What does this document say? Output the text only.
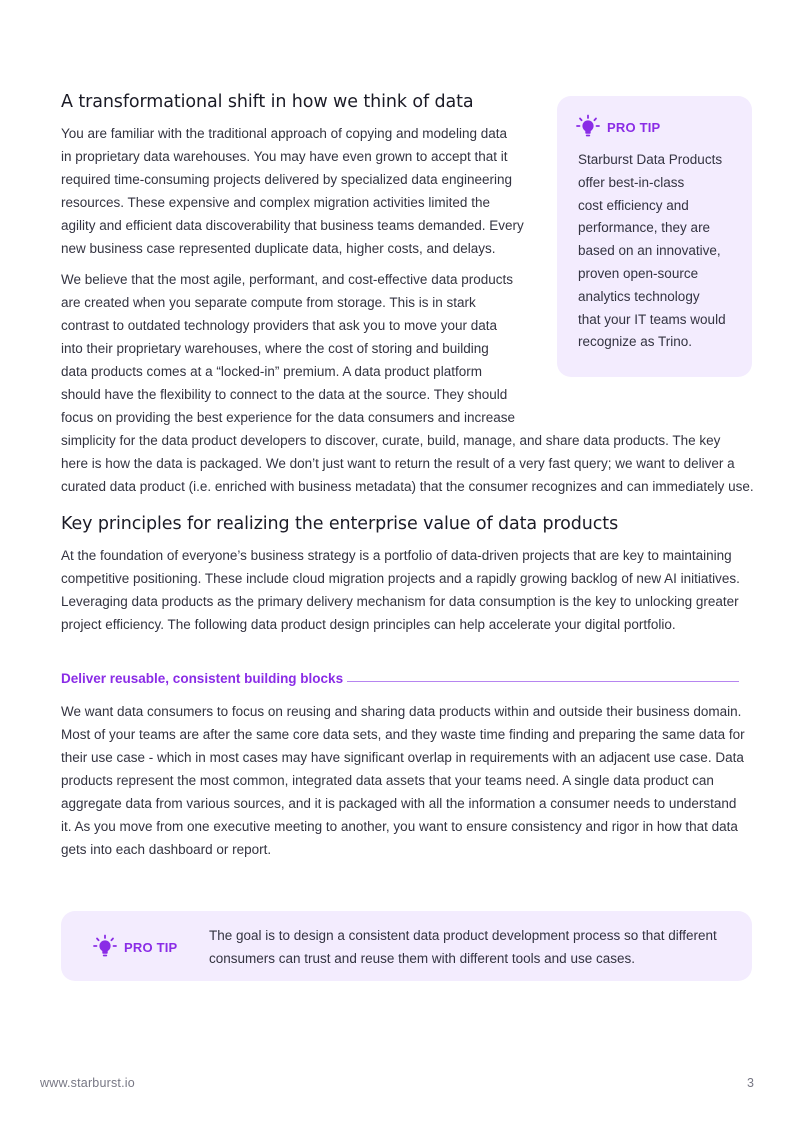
A transformational shift in how we think of data
You are familiar with the traditional approach of copying and modeling data
in proprietary data warehouses. You may have even grown to accept that it
required time-consuming projects delivered by specialized data engineering
resources. These expensive and complex migration activities limited the
agility and efficient data discoverability that business teams demanded. Every
new business case represented duplicate data, higher costs, and delays.
We believe that the most agile, performant, and cost-effective data products
are created when you separate compute from storage. This is in stark
contrast to outdated technology providers that ask you to move your data
into their proprietary warehouses, where the cost of storing and building
data products comes at a “locked-in” premium. A data product platform
should have the flexibility to connect to the data at the source. They should
focus on providing the best experience for the data consumers and increase
simplicity for the data product developers to discover, curate, build, manage, and share data products. The key
here is how the data is packaged. We don’t just want to return the result of a very fast query; we want to deliver a
curated data product (i.e. enriched with business metadata) that the consumer recognizes and can immediately use.
PRO TIP
Starburst Data Products
offer best-in-class
cost efficiency and
performance, they are
based on an innovative,
proven open-source
analytics technology
that your IT teams would
recognize as Trino.
Key principles for realizing the enterprise value of data products
At the foundation of everyone’s business strategy is a portfolio of data-driven projects that are key to maintaining
competitive positioning. These include cloud migration projects and a rapidly growing backlog of new AI initiatives.
Leveraging data products as the primary delivery mechanism for data consumption is the key to unlocking greater
project efficiency. The following data product design principles can help accelerate your digital portfolio.
Deliver reusable, consistent building blocks
We want data consumers to focus on reusing and sharing data products within and outside their business domain.
Most of your teams are after the same core data sets, and they waste time finding and preparing the same data for
their use case - which in most cases may have significant overlap in requirements with an adjacent use case. Data
products represent the most common, integrated data assets that your teams need. A single data product can
aggregate data from various sources, and it is packaged with all the information a consumer needs to understand
it. As you move from one executive meeting to another, you want to ensure consistency and rigor in how that data
gets into each dashboard or report.
PRO TIP
The goal is to design a consistent data product development process so that different
consumers can trust and reuse them with different tools and use cases.
www.starburst.io	3
